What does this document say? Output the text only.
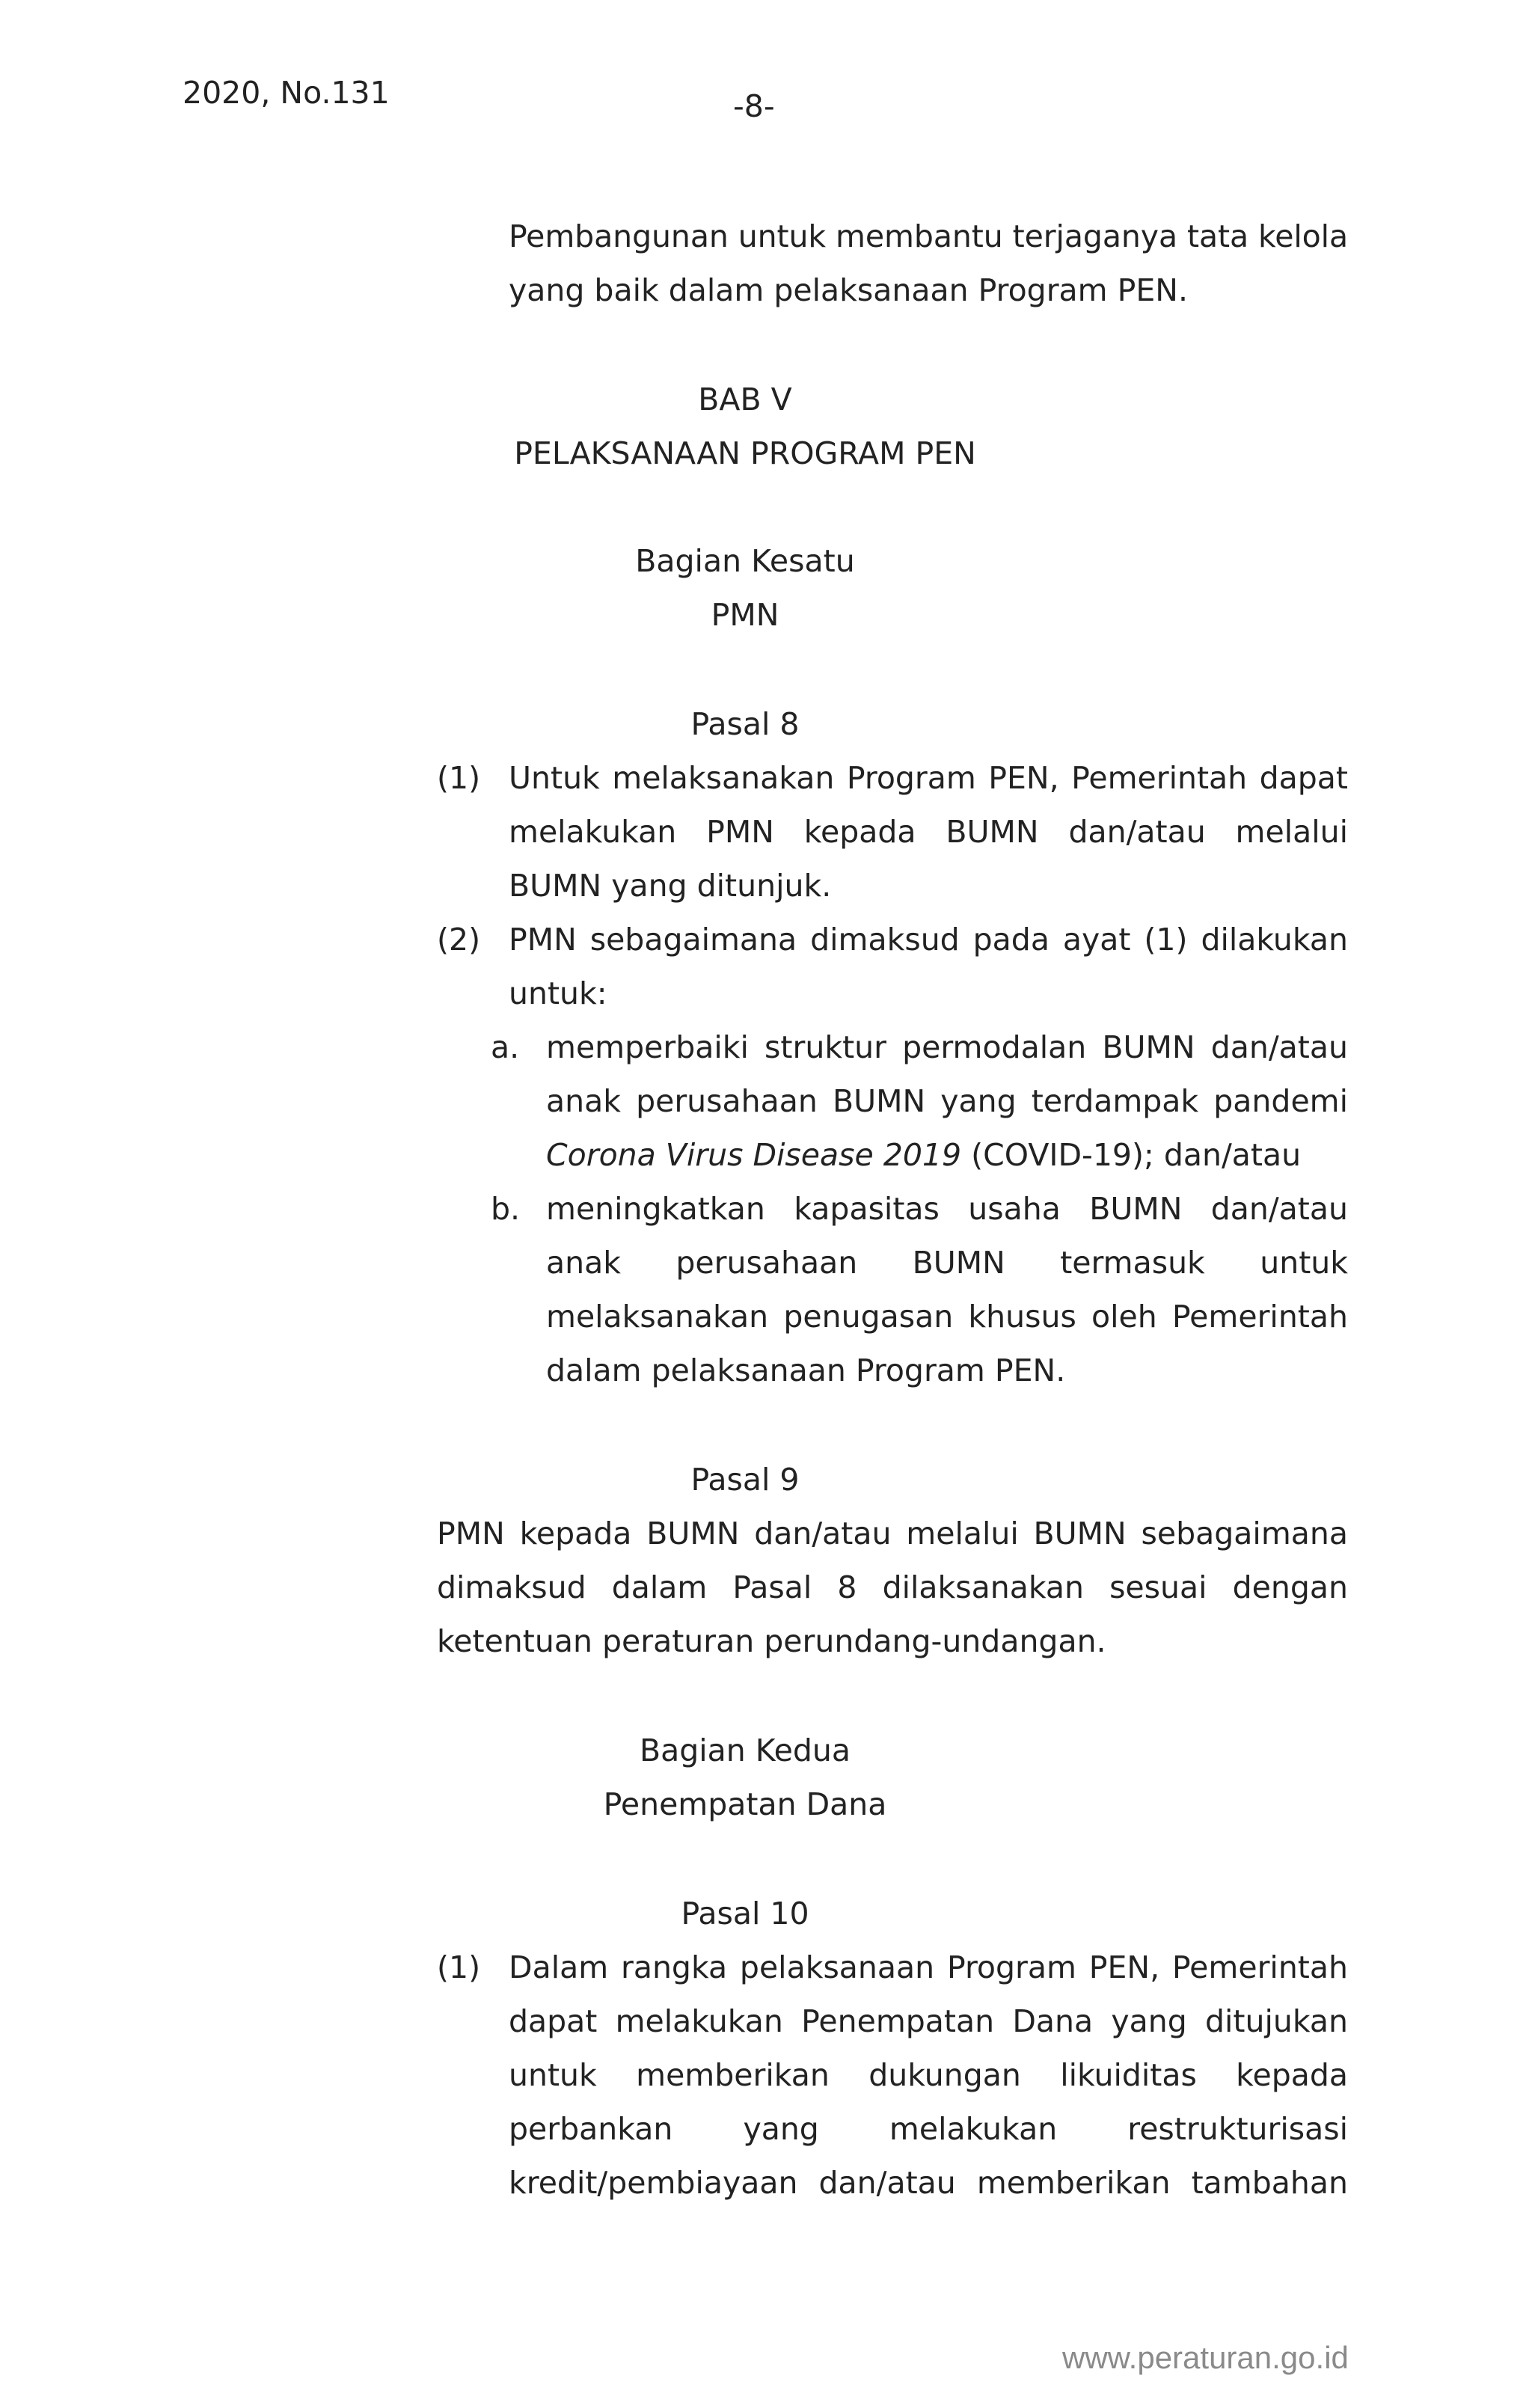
2020, No.131	-8-
Pembangunan untuk membantu terjaganya tata kelola
yang baik dalam pelaksanaan Program PEN.
BAB V
PELAKSANAAN PROGRAM PEN
Bagian Kesatu
PMN
Pasal 8
(1) Untuk melaksanakan Program PEN, Pemerintah dapat
melakukan PMN kepada BUMN dan/atau melalui
BUMN yang ditunjuk.
(2) PMN sebagaimana dimaksud pada ayat (1) dilakukan
untuk:
a. memperbaiki struktur permodalan BUMN dan/atau
anak perusahaan BUMN yang terdampak pandemi
Corona Virus Disease 2019 (COVID-19); dan/atau
b. meningkatkan kapasitas usaha BUMN dan/atau
anak perusahaan BUMN termasuk untuk
melaksanakan penugasan khusus oleh Pemerintah
dalam pelaksanaan Program PEN.
Pasal 9
PMN kepada BUMN dan/atau melalui BUMN sebagaimana
dimaksud dalam Pasal 8 dilaksanakan sesuai dengan
ketentuan peraturan perundang-undangan.
Bagian Kedua
Penempatan Dana
Pasal 10
(1) Dalam rangka pelaksanaan Program PEN, Pemerintah
dapat melakukan Penempatan Dana yang ditujukan
untuk memberikan dukungan likuiditas kepada
perbankan yang melakukan restrukturisasi
kredit/pembiayaan dan/atau memberikan tambahan
www.peraturan.go.id
